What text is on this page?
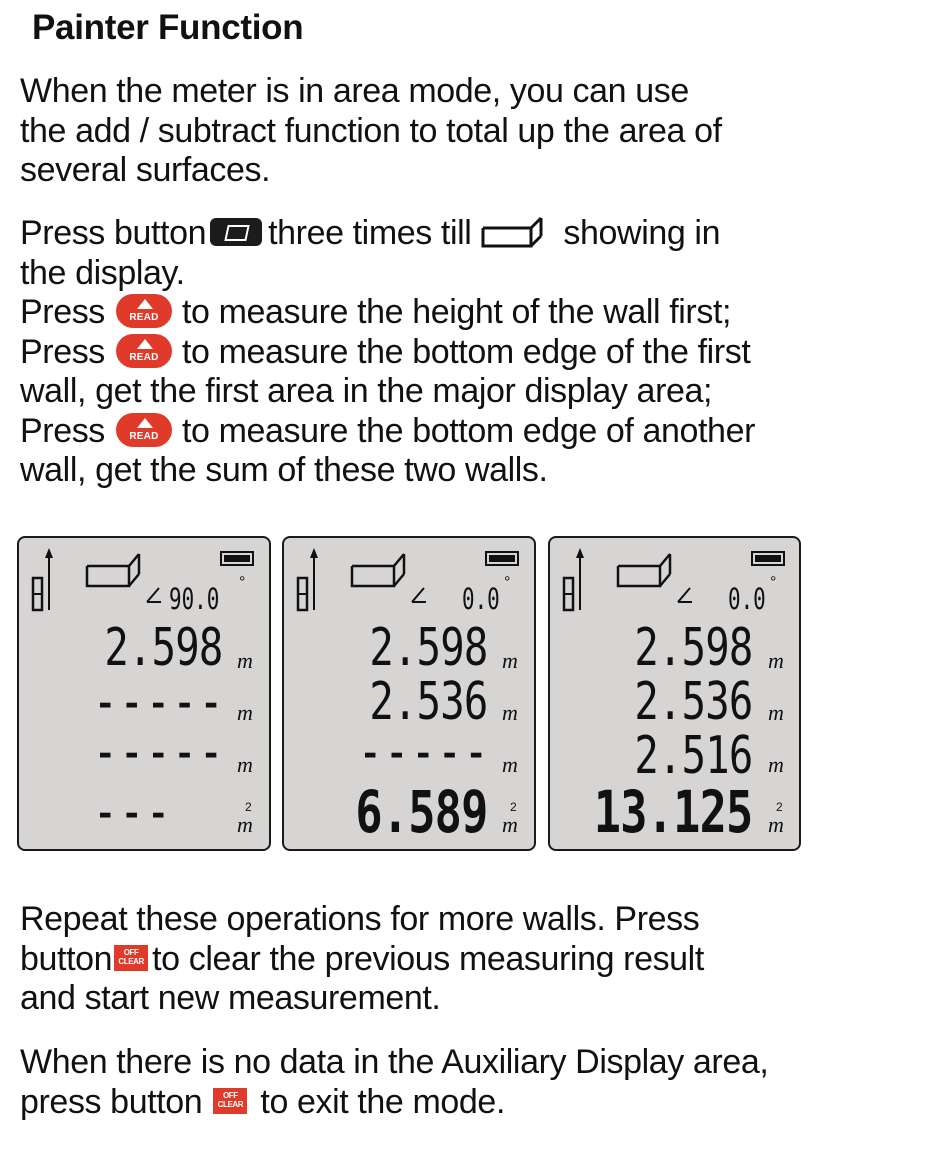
Painter Function
When the meter is in area mode, you can use
the add / subtract function to total up the area of
several surfaces.
Press button three times till	showing in
the display.
Press	READ to measure the height of the wall first;
Press	READ to measure the bottom edge of the first
wall, get the first area in the major display area;
Press	READ to measure the bottom edge of another
wall, get the sum of these two walls.
90.0 °
2.598 m
----- m
----- m
---	2
m
0.0 °
2.598 m
2.536 m
----- m
6.589 2
m
0.0 °
2.598 m
2.536 m
2.516 m
13.125 2
m
Repeat these operations for more walls. Press
button OFF
CLEAR to clear the previous measuring result
and start new measurement.
When there is no data in the Auxiliary Display area,
press button	OFF
CLEAR to exit the mode.
